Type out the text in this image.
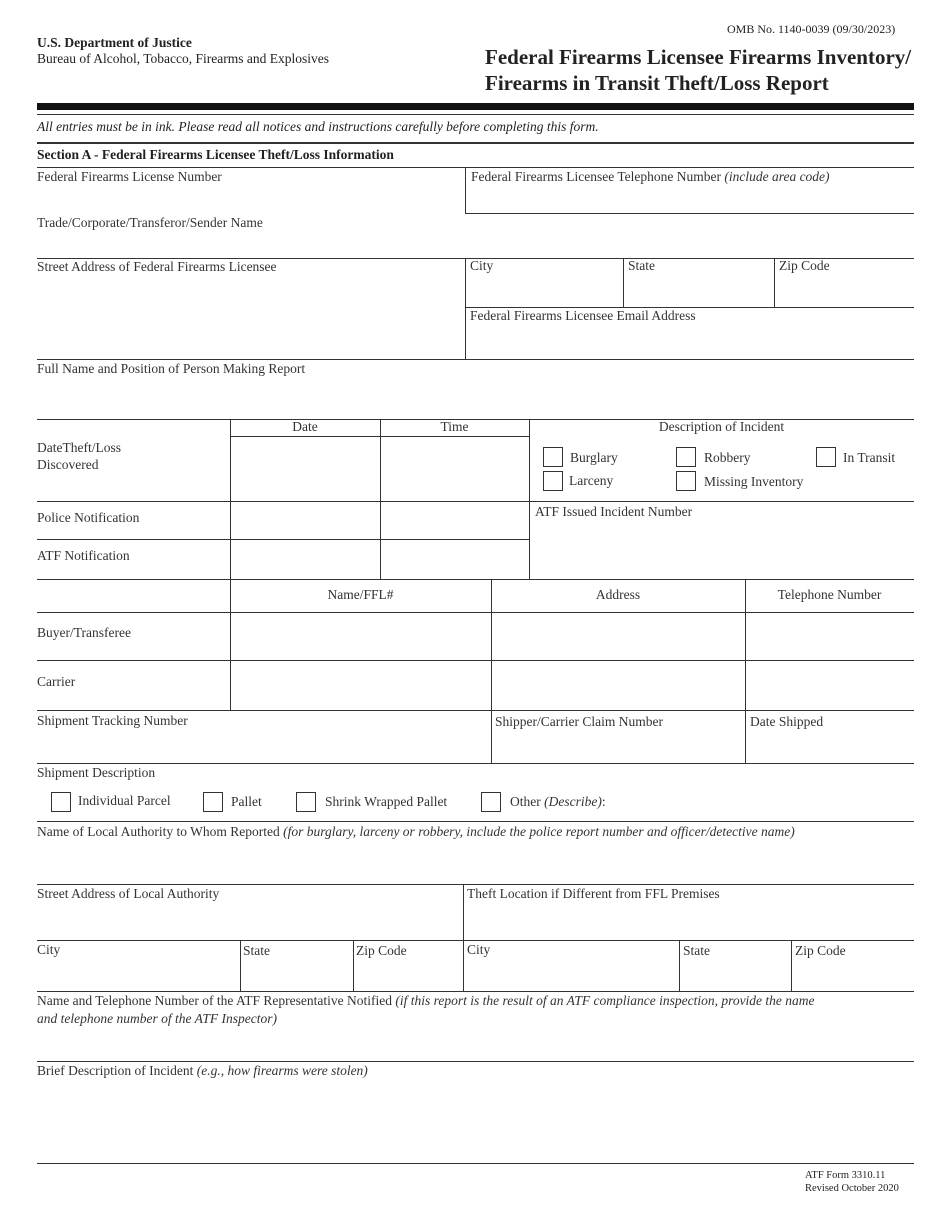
OMB No. 1140-0039 (09/30/2023)
U.S. Department of Justice
Bureau of Alcohol, Tobacco, Firearms and Explosives	Federal Firearms Licensee Firearms Inventory/
Firearms in Transit Theft/Loss Report
All entries must be in ink. Please read all notices and instructions carefully before completing this form.
Section A - Federal Firearms Licensee Theft/Loss Information
Federal Firearms License Number	Federal Firearms Licensee Telephone Number (include area code)
Trade/Corporate/Transferor/Sender Name
Street Address of Federal Firearms Licensee	City	State	Zip Code
Federal Firearms Licensee Email Address
Full Name and Position of Person Making Report
Date	Time	Description of Incident
DateTheft/Loss
Discovered	Burglary	Robbery	In Transit
Larceny	Missing Inventory
Police Notification	ATF Issued Incident Number
ATF Notification
Name/FFL#	Address	Telephone Number
Buyer/Transferee
Carrier
Shipment Tracking Number	Shipper/Carrier Claim Number	Date Shipped
Shipment Description
Individual Parcel	Pallet	Shrink Wrapped Pallet	Other (Describe):
Name of Local Authority to Whom Reported (for burglary, larceny or robbery, include the police report number and officer/detective name)
Street Address of Local Authority	Theft Location if Different from FFL Premises
City	State	Zip Code	City	State	Zip Code
Name and Telephone Number of the ATF Representative Notified (if this report is the result of an ATF compliance inspection, provide the name
and telephone number of the ATF Inspector)
Brief Description of Incident (e.g., how firearms were stolen)
ATF Form 3310.11
Revised October 2020
